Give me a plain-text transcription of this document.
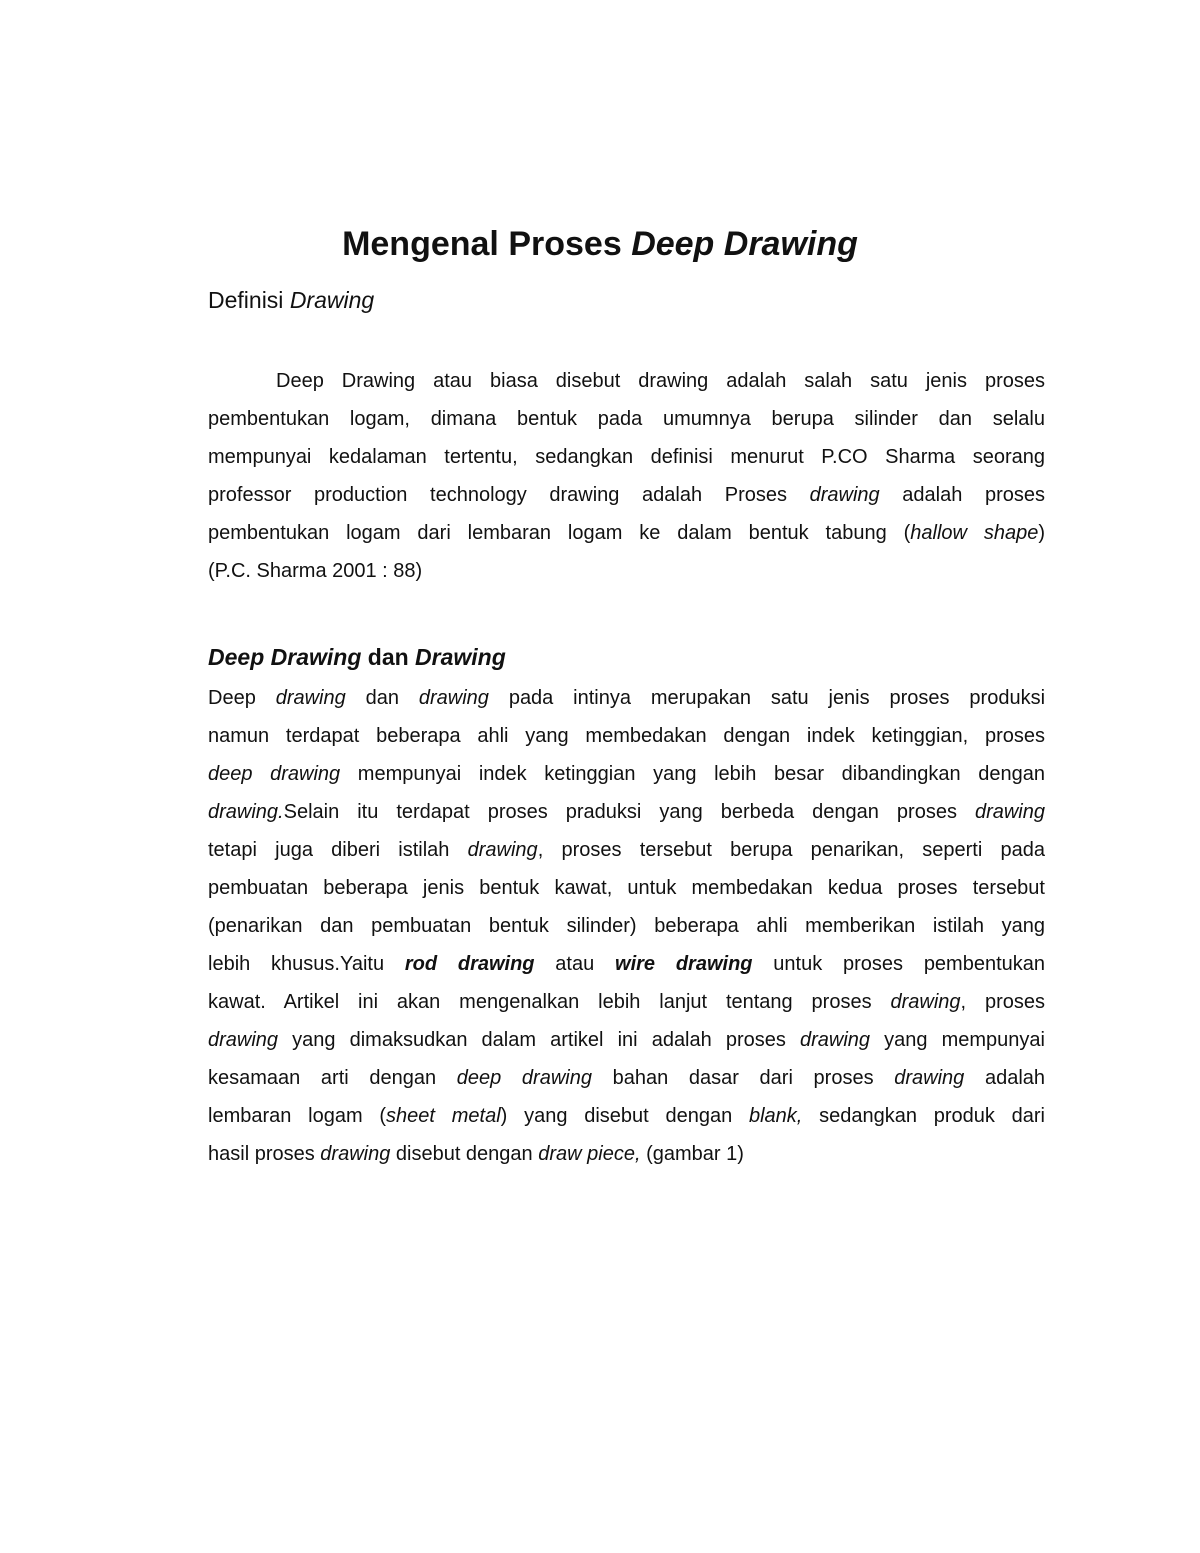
Mengenal Proses Deep Drawing
Definisi Drawing
Deep Drawing atau biasa disebut drawing adalah salah satu jenis proses
pembentukan logam, dimana bentuk pada umumnya berupa silinder dan selalu
mempunyai kedalaman tertentu, sedangkan definisi menurut P.CO Sharma seorang
professor production technology drawing adalah Proses drawing adalah proses
pembentukan logam dari lembaran logam ke dalam bentuk tabung (hallow shape)
(P.C. Sharma 2001 : 88)
Deep Drawing dan Drawing
Deep drawing dan drawing pada intinya merupakan satu jenis proses produksi
namun terdapat beberapa ahli yang membedakan dengan indek ketinggian, proses
deep drawing mempunyai indek ketinggian yang lebih besar dibandingkan dengan
drawing.Selain itu terdapat proses praduksi yang berbeda dengan proses drawing
tetapi juga diberi istilah drawing, proses tersebut berupa penarikan, seperti pada
pembuatan beberapa jenis bentuk kawat, untuk membedakan kedua proses tersebut
(penarikan dan pembuatan bentuk silinder) beberapa ahli memberikan istilah yang
lebih khusus.Yaitu rod drawing atau wire drawing untuk proses pembentukan
kawat. Artikel ini akan mengenalkan lebih lanjut tentang proses drawing, proses
drawing yang dimaksudkan dalam artikel ini adalah proses drawing yang mempunyai
kesamaan arti dengan deep drawing bahan dasar dari proses drawing adalah
lembaran logam (sheet metal) yang disebut dengan blank, sedangkan produk dari
hasil proses drawing disebut dengan draw piece, (gambar 1)
